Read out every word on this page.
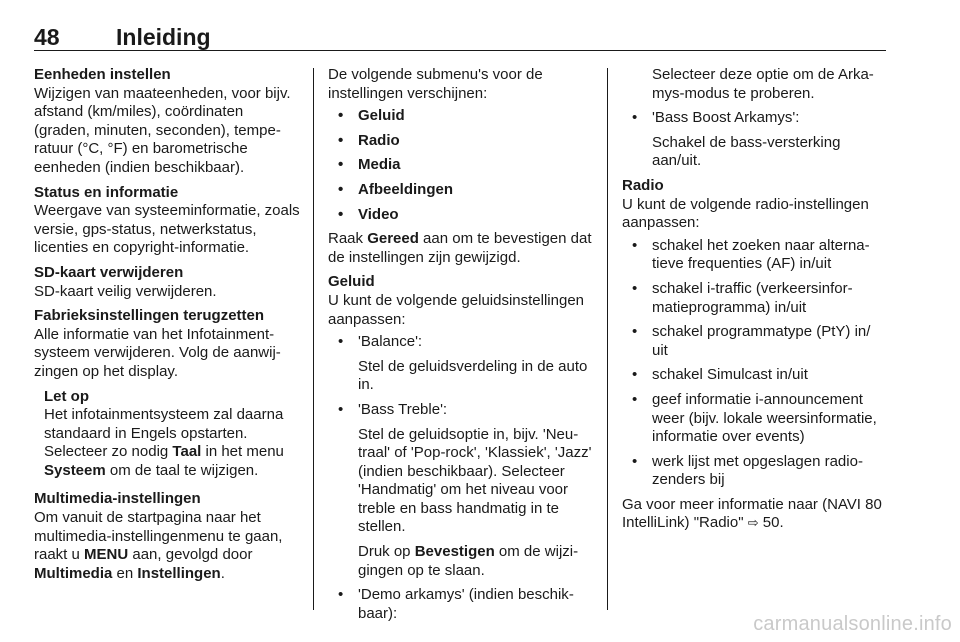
48 Inleiding
Eenheden instellen
Wijzigen van maateenheden, voor bijv. afstand (km/miles), coördinaten (graden, minuten, seconden), temperatuur (°C, °F) en barometrische eenheden (indien beschikbaar).
Status en informatie
Weergave van systeeminformatie, zoals versie, gps-status, netwerkstatus, licenties en copyright-informatie.
SD-kaart verwijderen
SD-kaart veilig verwijderen.
Fabrieksinstellingen terugzetten
Alle informatie van het Infotainmentsysteem verwijderen. Volg de aanwijzingen op het display.
Let op
Het infotainmentsysteem zal daarna standaard in Engels opstarten. Selecteer zo nodig Taal in het menu Systeem om de taal te wijzigen.
Multimedia-instellingen
Om vanuit de startpagina naar het multimedia-instellingenmenu te gaan, raakt u MENU aan, gevolgd door Multimedia en Instellingen.
De volgende submenu's voor de instellingen verschijnen:
• Geluid
• Radio
• Media
• Afbeeldingen
• Video
Raak Gereed aan om te bevestigen dat de instellingen zijn gewijzigd.
Geluid
U kunt de volgende geluidsinstellingen aanpassen:
• 'Balance':
Stel de geluidsverdeling in de auto in.
• 'Bass Treble':
Stel de geluidsoptie in, bijv. 'Neutraal' of 'Pop-rock', 'Klassiek', 'Jazz' (indien beschikbaar). Selecteer 'Handmatig' om het niveau voor treble en bass handmatig in te stellen.
Druk op Bevestigen om de wijzigingen op te slaan.
• 'Demo arkamys' (indien beschikbaar):
Selecteer deze optie om de Arkamys-modus te proberen.
• 'Bass Boost Arkamys':
Schakel de bass-versterking aan/uit.
Radio
U kunt de volgende radio-instellingen aanpassen:
• schakel het zoeken naar alternatieve frequenties (AF) in/uit
• schakel i-traffic (verkeersinformatieprogramma) in/uit
• schakel programmatype (PtY) in/ uit
• schakel Simulcast in/uit
• geef informatie i-announcement weer (bijv. lokale weersinformatie, informatie over events)
• werk lijst met opgeslagen radiozenders bij
Ga voor meer informatie naar (NAVI 80 IntelliLink) "Radio" ⇨ 50.
carmanualsonline.info
